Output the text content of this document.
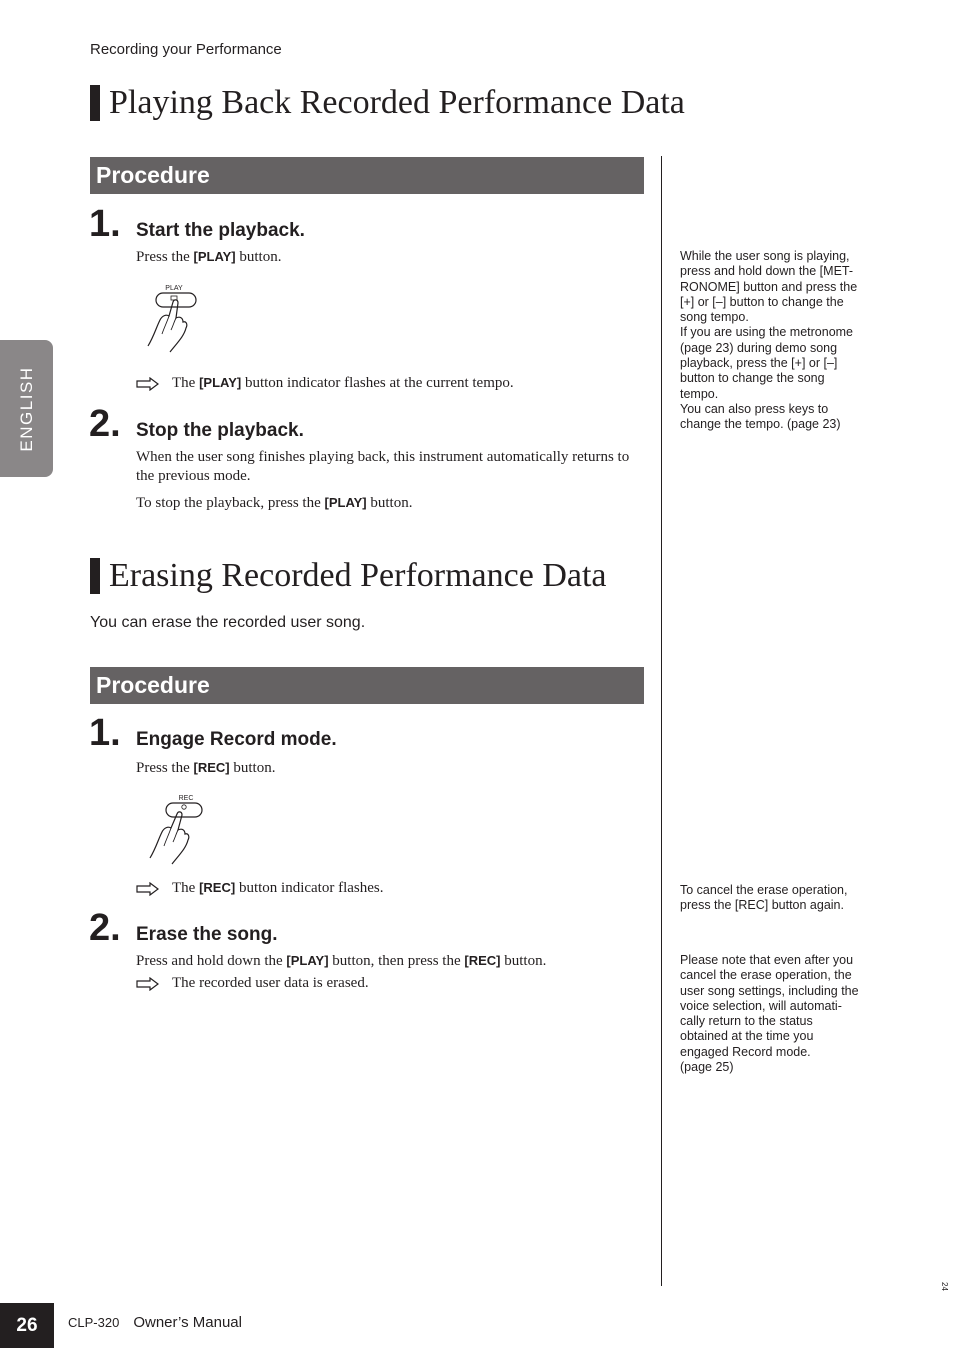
Recording your Performance
ENGLISH
Playing Back Recorded Performance Data
Procedure
1. Start the playback.
Press the [PLAY] button.
PLAY
The [PLAY] button indicator flashes at the current tempo.
2. Stop the playback.
When the user song finishes playing back, this instrument automatically returns to the previous mode.
To stop the playback, press the [PLAY] button.
Erasing Recorded Performance Data
You can erase the recorded user song.
Procedure
1. Engage Record mode.
Press the [REC] button.
REC
The [REC] button indicator flashes.
2. Erase the song.
Press and hold down the [PLAY] button, then press the [REC] button.
The recorded user data is erased.
While the user song is playing,
press and hold down the [MET-
RONOME] button and press the
[+] or [–] button to change the
song tempo.
If you are using the metronome
(page 23) during demo song
playback, press the [+] or [–]
button to change the song
tempo.
You can also press keys to
change the tempo. (page 23)
To cancel the erase operation,
press the [REC] button again.
Please note that even after you
cancel the erase operation, the
user song settings, including the
voice selection, will automati-
cally return to the status
obtained at the time you
engaged Record mode.
(page 25)
26	CLP-320 Owner’s Manual
24
